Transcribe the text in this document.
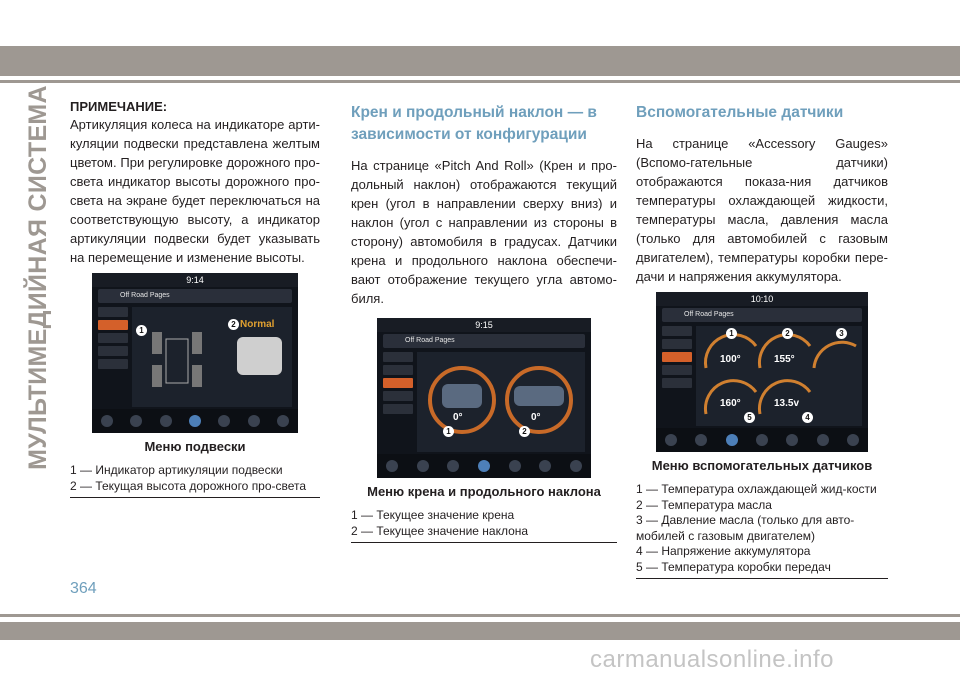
МУЛЬТИМЕДИЙНАЯ СИСТЕМА ПРИМЕЧАНИЕ:

Артикуляция колеса на индикаторе арти-куляции подвески представлена желтым цветом. При регулировке дорожного про-света индикатор высоты дорожного про-света на экране будет переключаться на соответствующую высоту, а индикатор артикуляции подвески будет указывать на перемещение и изменение высоты.

9:14
Off Road Pages
Normal
1
2
Меню подвески
1 — Индикатор артикуляции подвески
2 — Текущая высота дорожного про-света
Крен и продольный наклон — в зависимости от конфигурации

На странице «Pitch And Roll» (Крен и про-дольный наклон) отображаются текущий крен (угол в направлении сверху вниз) и наклон (угол с направлении из стороны в сторону) автомобиля в градусах. Датчики крена и продольного наклона обеспечи-вают отображение текущего угла автомо-биля.

9:15
Off Road Pages
0°	0°
1	2
Меню крена и продольного наклона
1 — Текущее значение крена
2 — Текущее значение наклона
Вспомогательные датчики

На странице «Accessory Gauges» (Вспомо-гательные датчики) отображаются показа-ния датчиков температуры охлаждающей жидкости, температуры масла, давления масла (только для автомобилей с газовым двигателем), температуры коробки пере-дачи и напряжения аккумулятора.

10:10
Off Road Pages
100°	155°
160°	13.5v
1	2	3
4
5
Меню вспомогательных датчиков
1 — Температура охлаждающей жид-кости
2 — Температура масла
3 — Давление масла (только для авто-мобилей с газовым двигателем)
4 — Напряжение аккумулятора
5 — Температура коробки передач
364
carmanualsonline.info
